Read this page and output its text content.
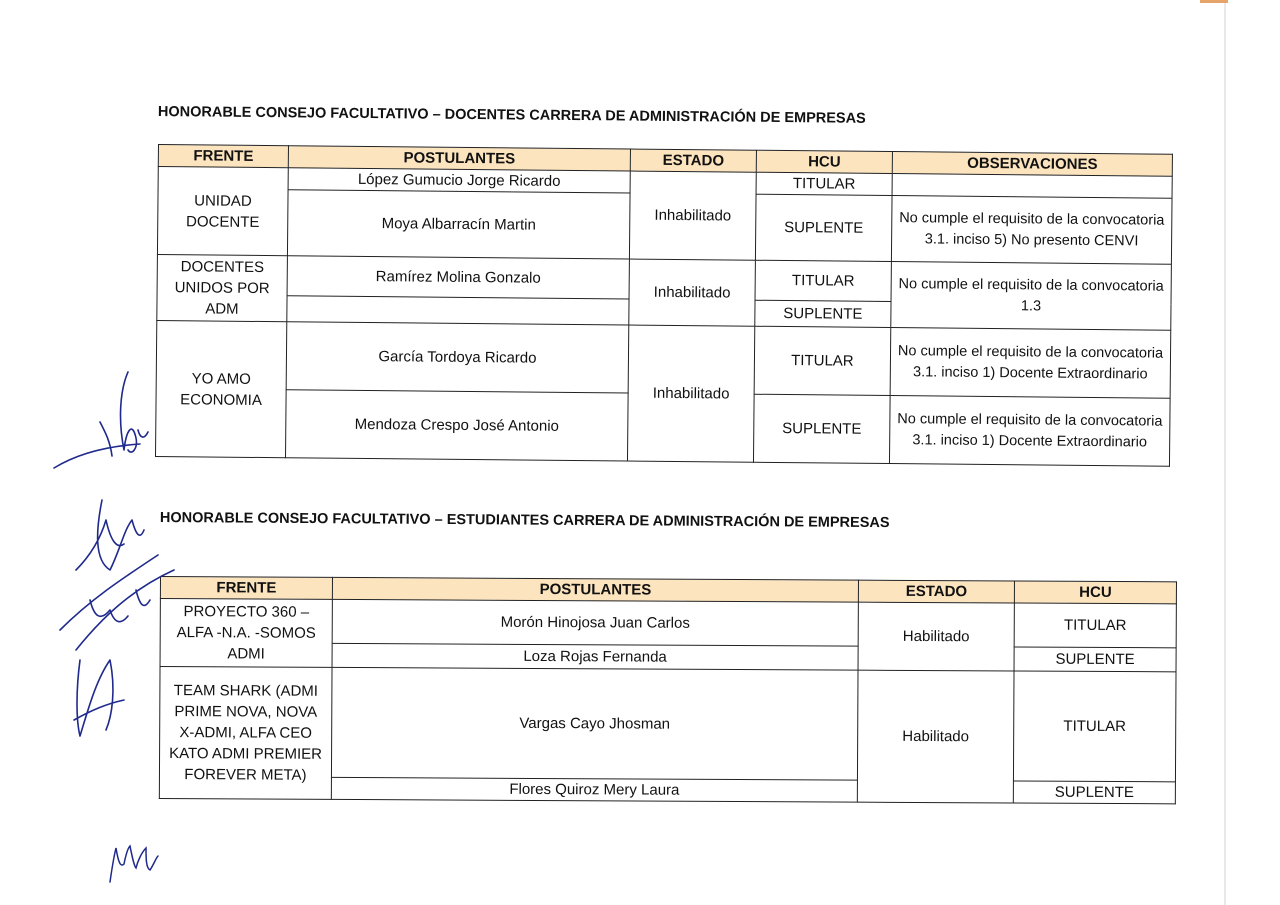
HONORABLE CONSEJO FACULTATIVO – DOCENTES CARRERA DE ADMINISTRACIÓN DE EMPRESAS
FRENTE	POSTULANTES	ESTADO	HCU	OBSERVACIONES
UNIDAD DOCENTE	López Gumucio Jorge Ricardo	Inhabilitado	TITULAR	
	Moya Albarracín Martin		SUPLENTE	No cumple el requisito de la convocatoria 3.1. inciso 5) No presento CENVI
DOCENTES UNIDOS POR ADM	Ramírez Molina Gonzalo	Inhabilitado	TITULAR	No cumple el requisito de la convocatoria 1.3
			SUPLENTE	
YO AMO ECONOMIA	García Tordoya Ricardo	Inhabilitado	TITULAR	No cumple el requisito de la convocatoria 3.1. inciso 1) Docente Extraordinario
	Mendoza Crespo José Antonio		SUPLENTE	No cumple el requisito de la convocatoria 3.1. inciso 1) Docente Extraordinario
HONORABLE CONSEJO FACULTATIVO – ESTUDIANTES CARRERA DE ADMINISTRACIÓN DE EMPRESAS
FRENTE	POSTULANTES	ESTADO	HCU
PROYECTO 360 – ALFA -N.A. -SOMOS ADMI	Morón Hinojosa Juan Carlos	Habilitado	TITULAR
	Loza Rojas Fernanda		SUPLENTE
TEAM SHARK (ADMI PRIME NOVA, NOVA X-ADMI, ALFA CEO KATO ADMI PREMIER FOREVER META)	Vargas Cayo Jhosman	Habilitado	TITULAR
	Flores Quiroz Mery Laura		SUPLENTE
